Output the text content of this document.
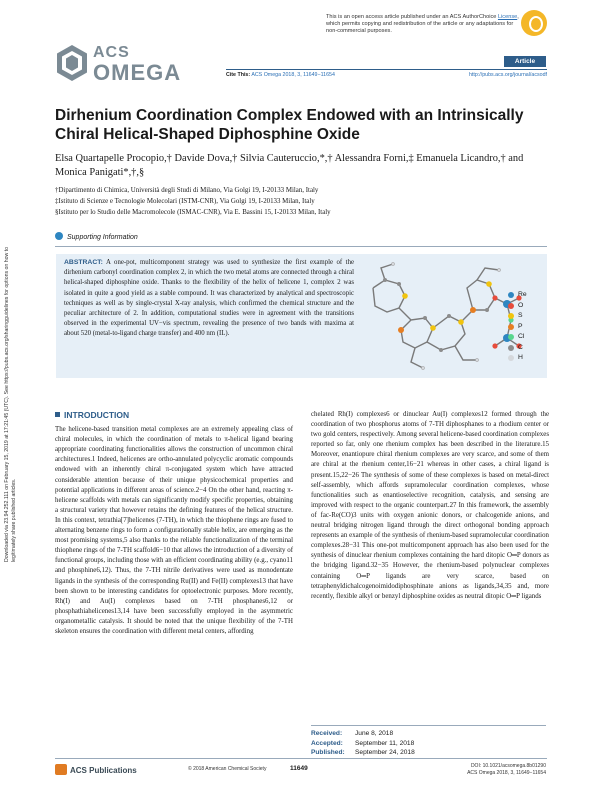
Downloaded via 23.94.252.111 on February 15, 2019 at 17:21:45 (UTC). See https://pubs.acs.org/sharingguidelines for options on how to legitimately share published articles.
This is an open access article published under an ACS AuthorChoice License, which permits copying and redistribution of the article or any adaptations for non-commercial purposes.
ACS
OMEGA	Article
Cite This: ACS Omega 2018, 3, 11649−11654	http://pubs.acs.org/journal/acsodf
Dirhenium Coordination Complex Endowed with an Intrinsically Chiral Helical-Shaped Diphosphine Oxide
Elsa Quartapelle Procopio,† Davide Dova,† Silvia Cauteruccio,*,† Alessandra Forni,‡ Emanuela Licandro,† and Monica Panigati*,†,§
†Dipartimento di Chimica, Università degli Studi di Milano, Via Golgi 19, I-20133 Milan, Italy
‡Istituto di Scienze e Tecnologie Molecolari (ISTM-CNR), Via Golgi 19, I-20133 Milan, Italy
§Istituto per lo Studio delle Macromolecole (ISMAC-CNR), Via E. Bassini 15, I-20133 Milan, Italy
Supporting Information
ABSTRACT: A one-pot, multicomponent strategy was used to synthesize the first example of the dirhenium carbonyl coordination complex 2, in which the two metal atoms are connected through a chiral helical-shaped diphosphine oxide. Thanks to the flexibility of the helix of helicene 1, complex 2 was isolated in quite a good yield as a stable compound. It was characterized by analytical and spectroscopic techniques as well as by single-crystal X-ray analysis, which confirmed the chemical structure and the peculiar architecture of 2. In addition, computational studies were in agreement with the transitions observed in the experimental UV−vis spectrum, revealing the presence of two bands with maxima at about 520 (metal-to-ligand charge transfer) and 400 nm (IL).
Re
O
S
P
Cl
C
H
INTRODUCTION

The helicene-based transition metal complexes are an extremely appealing class of chiral molecules, in which the coordination of metals to π-helical ligand bearing appropriate coordinating functionalities allows the construction of uncommon chiral architectures.1 Indeed, helicenes are ortho-annulated polycyclic aromatic compounds endowed with an inherently chiral π-conjugated system which have attracted considerable attention because of their unique physicochemical properties and potential applications in different areas of science.2−4 On the other hand, reacting π-helicene scaffolds with metals can significantly modify specific properties, obtaining a structural variety that however retains the defining features of the helical structure. In this context, tetrathia[7]helicenes (7-TH), in which the thiophene rings are fused to alternating benzene rings to form a configurationally stable helix, are emerging as the most promising systems,5 also thanks to the reliable functionalization of the terminal thiophene rings of the 7-TH scaffold6−10 that allows the introduction of a diversity of functional groups, including those with an efficient coordinating ability (e.g., cyano11 and phosphine6,12). Thus, the 7-TH nitrile derivatives were used as monodentate ligands in the synthesis of the corresponding Ru(II) and Fe(II) complexes13 that have been shown to be interesting candidates for optoelectronic purposes. More recently, Rh(I) and Au(I) complexes based on 7-TH phosphanes6,12 or phosphathiahelicenes13,14 have been successfully employed in the asymmetric organometallic catalysis. It should be noted that the unique flexibility of the 7-TH skeleton ensures the coordination with different metal centers, affording

chelated Rh(I) complexes6 or dinuclear Au(I) complexes12 formed through the coordination of two phosphorus atoms of 7-TH diphosphanes to a rhodium center or two gold centers, respectively. Among several helicene-based coordination complexes reported so far, only one rhenium complex has been described in the literature.15 Moreover, enantiopure chiral rhenium complexes are very scarce, and some of them are chiral at the rhenium center,16−21 whereas in other cases, a chiral ligand is present.15,22−26 The synthesis of some of these complexes is based on metal-direct self-assembly, which affords supramolecular coordination complexes, whose functionalities such as enantioselective recognition, catalysis, and sensing are improved with respect to the organic counterpart.27 In this framework, the assembly of fac-Re(CO)3 units with oxygen anionic donors, or chalcogenide anions, and neutral bridging nitrogen ligand through the direct orthogonal bonding approach represents an example of the synthesis of rhenium-based supramolecular coordination complexes.28−31 This one-pot multicomponent approach has also been used for the synthesis of dinuclear rhenium complexes containing the hard ditopic O═P donors as the bridging ligand.32−35 However, the rhenium-based polynuclear complexes containing O═P ligands are very scarce, based on tetraphenyldichalcogenoimidodiphosphinate anions as ligands,34,35 and, more recently, flexible alkyl or benzyl diphosphine oxides as neutral ditopic O═P ligands

Received:	June 8, 2018
Accepted:	September 11, 2018
Published:	September 24, 2018
ACS Publications	© 2018 American Chemical Society	11649	DOI: 10.1021/acsomega.8b01290
ACS Omega 2018, 3, 11649−11654
